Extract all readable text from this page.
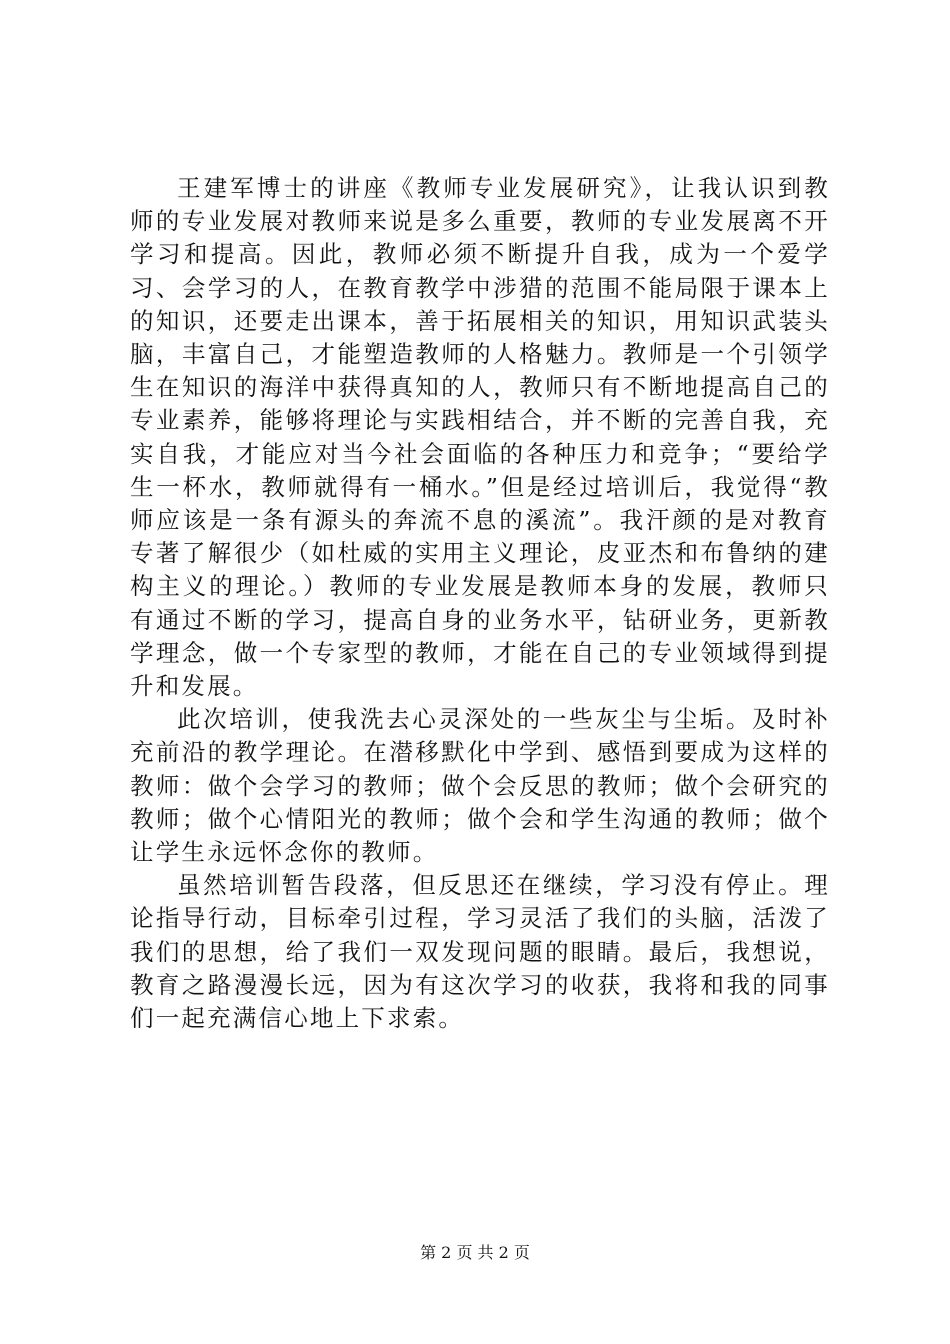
王建军博士的讲座《教师专业发展研究》，让我认识到教师的专业发展对教师来说是多么重要，教师的专业发展离不开学习和提高。因此，教师必须不断提升自我，成为一个爱学习、会学习的人，在教育教学中涉猎的范围不能局限于课本上的知识，还要走出课本，善于拓展相关的知识，用知识武装头脑，丰富自己，才能塑造教师的人格魅力。教师是一个引领学生在知识的海洋中获得真知的人，教师只有不断地提高自己的专业素养，能够将理论与实践相结合，并不断的完善自我，充实自我，才能应对当今社会面临的各种压力和竞争；“要给学生一杯水，教师就得有一桶水。”但是经过培训后，我觉得“教师应该是一条有源头的奔流不息的溪流”。我汗颜的是对教育专著了解很少（如杜威的实用主义理论，皮亚杰和布鲁纳的建构主义的理论。）教师的专业发展是教师本身的发展，教师只有通过不断的学习，提高自身的业务水平，钻研业务，更新教学理念，做一个专家型的教师，才能在自己的专业领域得到提升和发展。

此次培训，使我洗去心灵深处的一些灰尘与尘垢。及时补充前沿的教学理论。在潜移默化中学到、感悟到要成为这样的教师：做个会学习的教师；做个会反思的教师；做个会研究的教师；做个心情阳光的教师；做个会和学生沟通的教师；做个让学生永远怀念你的教师。

虽然培训暂告段落，但反思还在继续，学习没有停止。理论指导行动，目标牵引过程，学习灵活了我们的头脑，活泼了我们的思想，给了我们一双发现问题的眼睛。最后，我想说，教育之路漫漫长远，因为有这次学习的收获，我将和我的同事们一起充满信心地上下求索。

第 2 页 共 2 页
